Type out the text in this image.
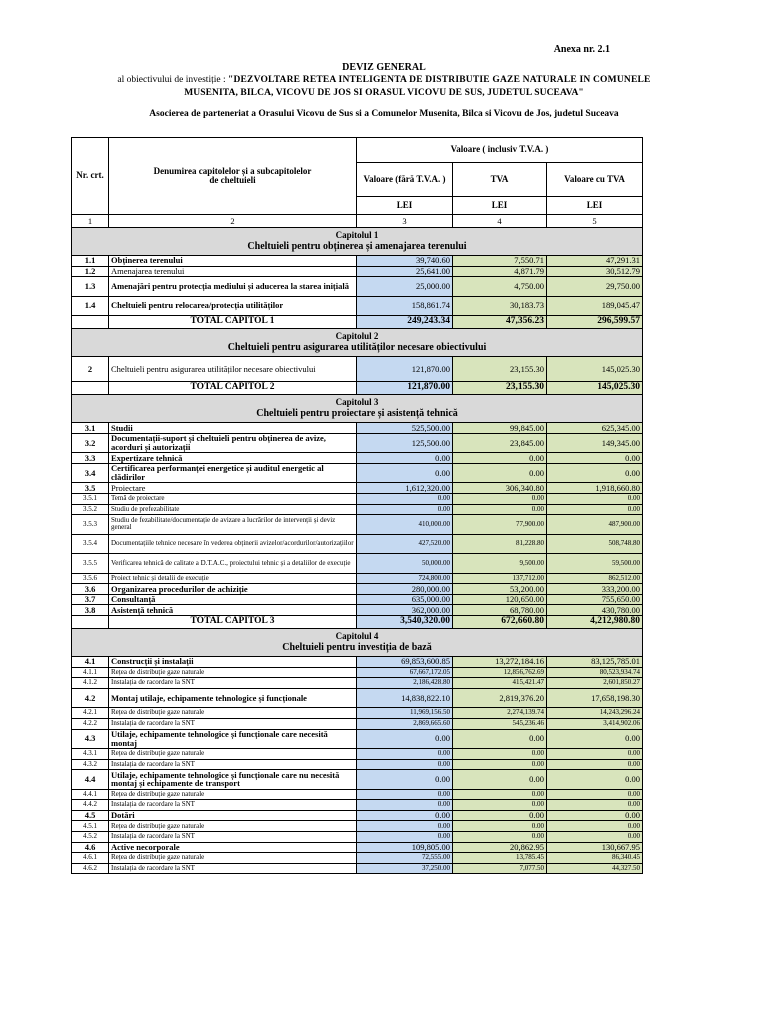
Anexa nr. 2.1
DEVIZ GENERAL
al obiectivului de investiție : "DEZVOLTARE RETEA INTELIGENTA DE DISTRIBUTIE GAZE NATURALE IN COMUNELE
MUSENITA, BILCA, VICOVU DE JOS SI ORASUL VICOVU DE SUS, JUDETUL SUCEAVA"
Asocierea de parteneriat a Orasului Vicovu de Sus si a Comunelor Musenita, Bilca si Vicovu de Jos, judetul Suceava
Nr. crt.	Denumirea capitolelor și a subcapitolelor de cheltuieli	Valoare ( inclusiv T.V.A. )		
		Valoare (fără T.V.A. )	TVA	Valoare cu TVA
		LEI	LEI	LEI
1	2	3	4	5

Capitolul 1
Cheltuieli pentru obținerea și amenajarea terenului				

1.1	Obținerea terenului	39,740.60	7,550.71	47,291.31
1.2	Amenajarea terenului	25,641.00	4,871.79	30,512.79
1.3	Amenajări pentru protecția mediului și aducerea la starea inițială	25,000.00	4,750.00	29,750.00
1.4	Cheltuieli pentru relocarea/protecția utilităților	158,861.74	30,183.73	189,045.47
	TOTAL CAPITOL 1	249,243.34	47,356.23	296,599.57

Capitolul 2
Cheltuieli pentru asigurarea utilităților necesare obiectivului				

2	Cheltuieli pentru asigurarea utilităților necesare obiectivului	121,870.00	23,155.30	145,025.30
	TOTAL CAPITOL 2	121,870.00	23,155.30	145,025.30

Capitolul 3
Cheltuieli pentru proiectare și asistență tehnică				

3.1	Studii	525,500.00	99,845.00	625,345.00
3.2	Documentații-suport și cheltuieli pentru obținerea de avize, acorduri și autorizații	125,500.00	23,845.00	149,345.00
3.3	Expertizare tehnică	0.00	0.00	0.00
3.4	Certificarea performanței energetice și auditul energetic al clădirilor	0.00	0.00	0.00
3.5	Proiectare	1,612,320.00	306,340.80	1,918,660.80
3.5.1	Temă de proiectare	0.00	0.00	0.00
3.5.2	Studiu de prefezabilitate	0.00	0.00	0.00
3.5.3	Studiu de fezabilitate/documentație de avizare a lucrărilor de intervenții și deviz general	410,000.00	77,900.00	487,900.00
3.5.4	Documentațiile tehnice necesare în vederea obținerii avizelor/acordurilor/autorizațiilor	427,520.00	81,228.80	508,748.80
3.5.5	Verificarea tehnică de calitate a D.T.A.C., proiectului tehnic și a detaliilor de execuție	50,000.00	9,500.00	59,500.00
3.5.6	Proiect tehnic și detalii de execuție	724,800.00	137,712.00	862,512.00
3.6	Organizarea procedurilor de achiziție	280,000.00	53,200.00	333,200.00
3.7	Consultanță	635,000.00	120,650.00	755,650.00
3.8	Asistență tehnică	362,000.00	68,780.00	430,780.00
	TOTAL CAPITOL 3	3,540,320.00	672,660.80	4,212,980.80

Capitolul 4
Cheltuieli pentru investiția de bază				

4.1	Construcții și instalații	69,853,600.85	13,272,184.16	83,125,785.01
4.1.1	Rețea de distribuție gaze naturale	67,667,172.05	12,856,762.69	80,523,934.74
4.1.2	Instalația de racordare la SNT	2,186,428.80	415,421.47	2,601,850.27
4.2	Montaj utilaje, echipamente tehnologice și funcționale	14,838,822.10	2,819,376.20	17,658,198.30
4.2.1	Rețea de distribuție gaze naturale	11,969,156.50	2,274,139.74	14,243,296.24
4.2.2	Instalația de racordare la SNT	2,869,665.60	545,236.46	3,414,902.06
4.3	Utilaje, echipamente tehnologice și funcționale care necesită montaj	0.00	0.00	0.00
4.3.1	Rețea de distribuție gaze naturale	0.00	0.00	0.00
4.3.2	Instalația de racordare la SNT	0.00	0.00	0.00
4.4	Utilaje, echipamente tehnologice și funcționale care nu necesită montaj și echipamente de transport	0.00	0.00	0.00
4.4.1	Rețea de distribuție gaze naturale	0.00	0.00	0.00
4.4.2	Instalația de racordare la SNT	0.00	0.00	0.00
4.5	Dotări	0.00	0.00	0.00
4.5.1	Rețea de distribuție gaze naturale	0.00	0.00	0.00
4.5.2	Instalația de racordare la SNT	0.00	0.00	0.00
4.6	Active necorporale	109,805.00	20,862.95	130,667.95
4.6.1	Rețea de distribuție gaze naturale	72,555.00	13,785.45	86,340.45
4.6.2	Instalația de racordare la SNT	37,250.00	7,077.50	44,327.50
